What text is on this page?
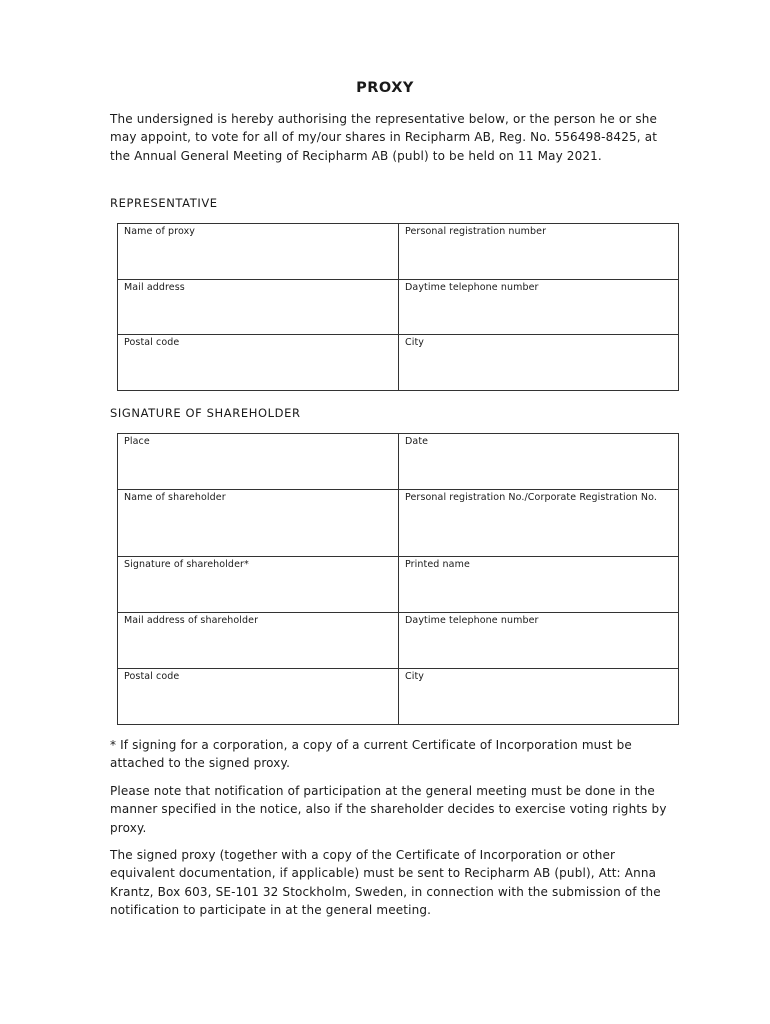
PROXY
The undersigned is hereby authorising the representative below, or the person he or she may appoint, to vote for all of my/our shares in Recipharm AB, Reg. No. 556498-8425, at the Annual General Meeting of Recipharm AB (publ) to be held on 11 May 2021.
REPRESENTATIVE
Name of proxy	Personal registration number
Mail address	Daytime telephone number
Postal code	City
SIGNATURE OF SHAREHOLDER
Place	Date
Name of shareholder	Personal registration No./Corporate Registration No.
Signature of shareholder*	Printed name
Mail address of shareholder	Daytime telephone number
Postal code	City
* If signing for a corporation, a copy of a current Certificate of Incorporation must be attached to the signed proxy.
Please note that notification of participation at the general meeting must be done in the manner specified in the notice, also if the shareholder decides to exercise voting rights by proxy.
The signed proxy (together with a copy of the Certificate of Incorporation or other equivalent documentation, if applicable) must be sent to Recipharm AB (publ), Att: Anna Krantz, Box 603, SE-101 32 Stockholm, Sweden, in connection with the submission of the notification to participate in at the general meeting.
